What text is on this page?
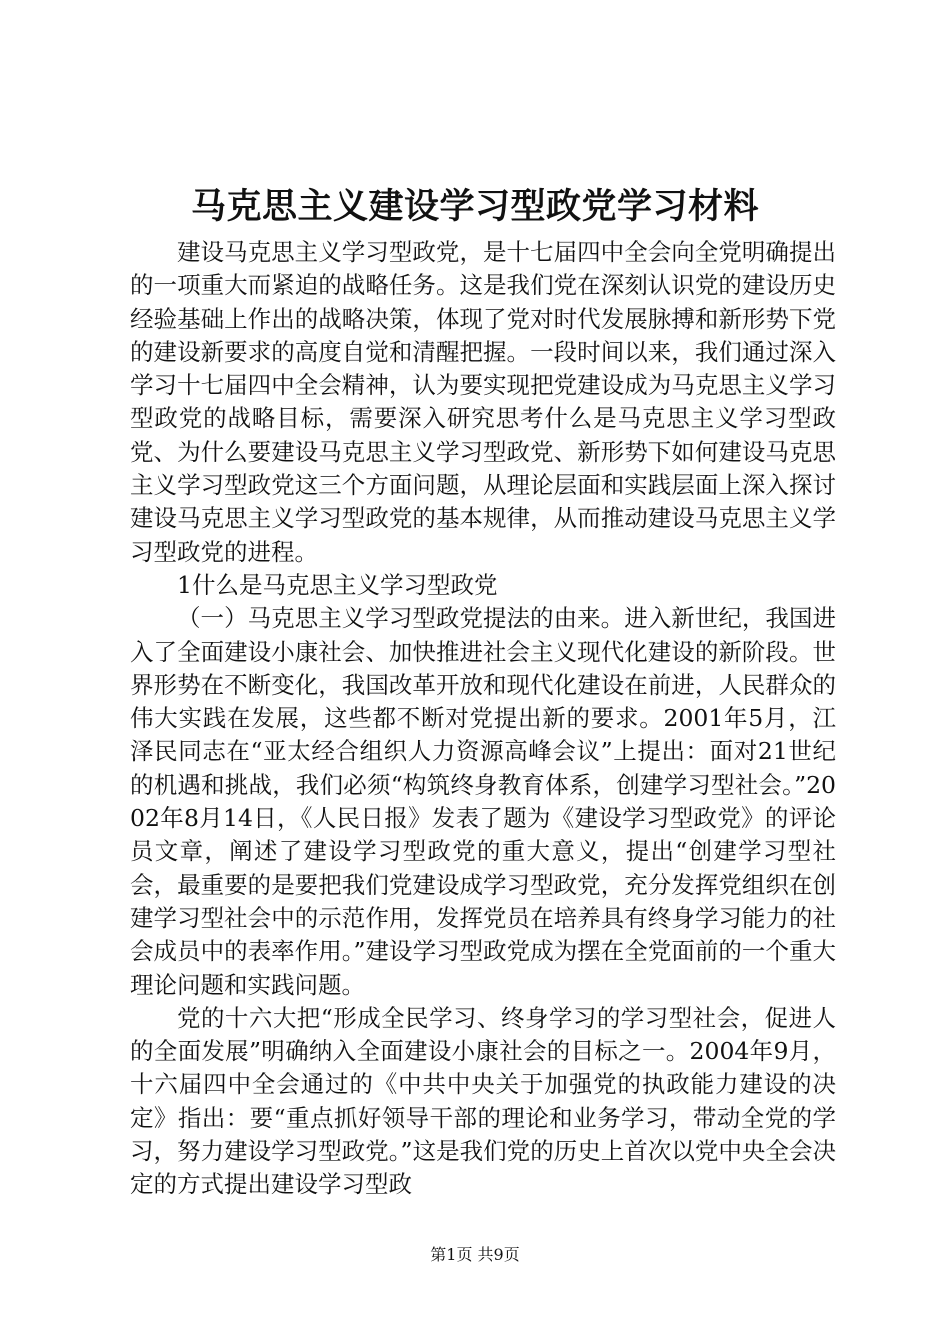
马克思主义建设学习型政党学习材料

建设马克思主义学习型政党，是十七届四中全会向全党明确提出的一项重大而紧迫的战略任务。这是我们党在深刻认识党的建设历史经验基础上作出的战略决策，体现了党对时代发展脉搏和新形势下党的建设新要求的高度自觉和清醒把握。一段时间以来，我们通过深入学习十七届四中全会精神，认为要实现把党建设成为马克思主义学习型政党的战略目标，需要深入研究思考什么是马克思主义学习型政党、为什么要建设马克思主义学习型政党、新形势下如何建设马克思主义学习型政党这三个方面问题，从理论层面和实践层面上深入探讨建设马克思主义学习型政党的基本规律，从而推动建设马克思主义学习型政党的进程。

1什么是马克思主义学习型政党

（一）马克思主义学习型政党提法的由来。进入新世纪，我国进入了全面建设小康社会、加快推进社会主义现代化建设的新阶段。世界形势在不断变化，我国改革开放和现代化建设在前进，人民群众的伟大实践在发展，这些都不断对党提出新的要求。2001年5月，江泽民同志在“亚太经合组织人力资源高峰会议”上提出：面对21世纪的机遇和挑战，我们必须“构筑终身教育体系，创建学习型社会。”2002年8月14日，《人民日报》发表了题为《建设学习型政党》的评论员文章，阐述了建设学习型政党的重大意义，提出“创建学习型社会，最重要的是要把我们党建设成学习型政党，充分发挥党组织在创建学习型社会中的示范作用，发挥党员在培养具有终身学习能力的社会成员中的表率作用。”建设学习型政党成为摆在全党面前的一个重大理论问题和实践问题。

党的十六大把“形成全民学习、终身学习的学习型社会，促进人的全面发展”明确纳入全面建设小康社会的目标之一。2004年9月，十六届四中全会通过的《中共中央关于加强党的执政能力建设的决定》指出：要“重点抓好领导干部的理论和业务学习，带动全党的学习，努力建设学习型政党。”这是我们党的历史上首次以党中央全会决定的方式提出建设学习型政

第1页 共9页
